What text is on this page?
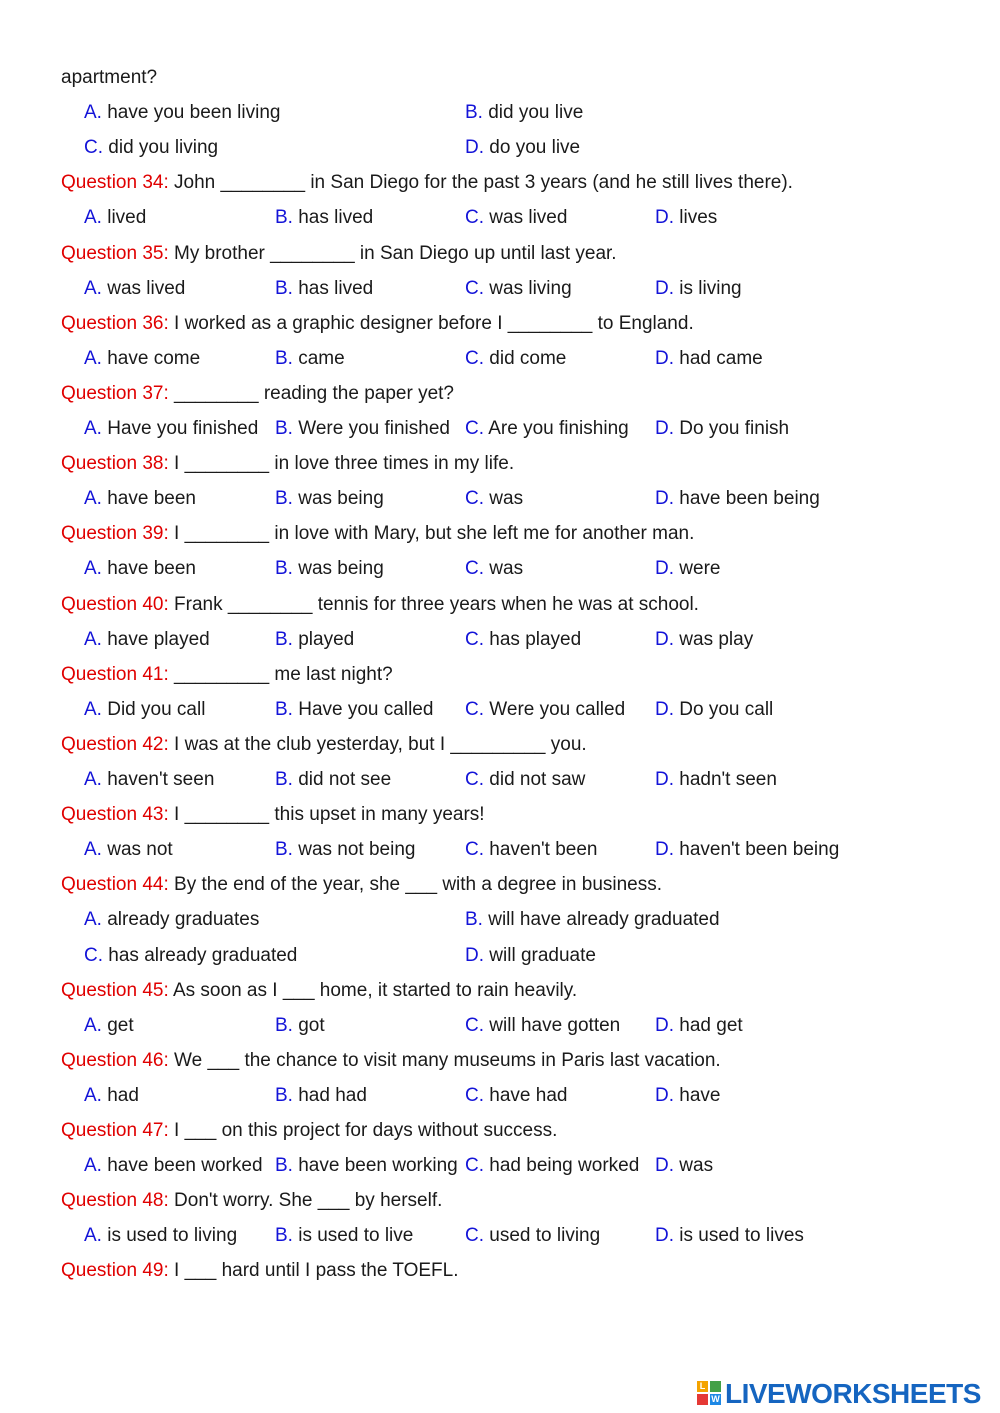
apartment?
A. have you been living	B. did you live
C. did you living	D. do you live
Question 34: John ________ in San Diego for the past 3 years (and he still lives there).
A. lived	B. has lived	C. was lived	D. lives
Question 35: My brother ________ in San Diego up until last year.
A. was lived	B. has lived	C. was living	D. is living
Question 36: I worked as a graphic designer before I ________ to England.
A. have come	B. came	C. did come	D. had came
Question 37: ________ reading the paper yet?
A. Have you finished B. Were you finished C. Are you finishing D. Do you finish
Question 38: I ________ in love three times in my life.
A. have been	B. was being	C. was	D. have been being
Question 39: I ________ in love with Mary, but she left me for another man.
A. have been	B. was being	C. was	D. were
Question 40: Frank ________ tennis for three years when he was at school.
A. have played	B. played	C. has played	D. was play
Question 41: _________ me last night?
A. Did you call	B. Have you called C. Were you called D. Do you call
Question 42: I was at the club yesterday, but I _________ you.
A. haven't seen	B. did not see	C. did not saw	D. hadn't seen
Question 43: I ________ this upset in many years!
A. was not	B. was not being	C. haven't been	D. haven't been being
Question 44: By the end of the year, she ___ with a degree in business.
A. already graduates	B. will have already graduated
C. has already graduated	D. will graduate
Question 45: As soon as I ___ home, it started to rain heavily.
A. get	B. got	C. will have gotten D. had get
Question 46: We ___ the chance to visit many museums in Paris last vacation.
A. had	B. had had	C. have had	D. have
Question 47: I ___ on this project for days without success.
A. have been worked B. have been working C. had being worked D. was
Question 48: Don't worry. She ___ by herself.
A. is used to living B. is used to live	C. used to living	D. is used to lives
Question 49: I ___ hard until I pass the TOEFL.
L
W LIVEWORKSHEETS
